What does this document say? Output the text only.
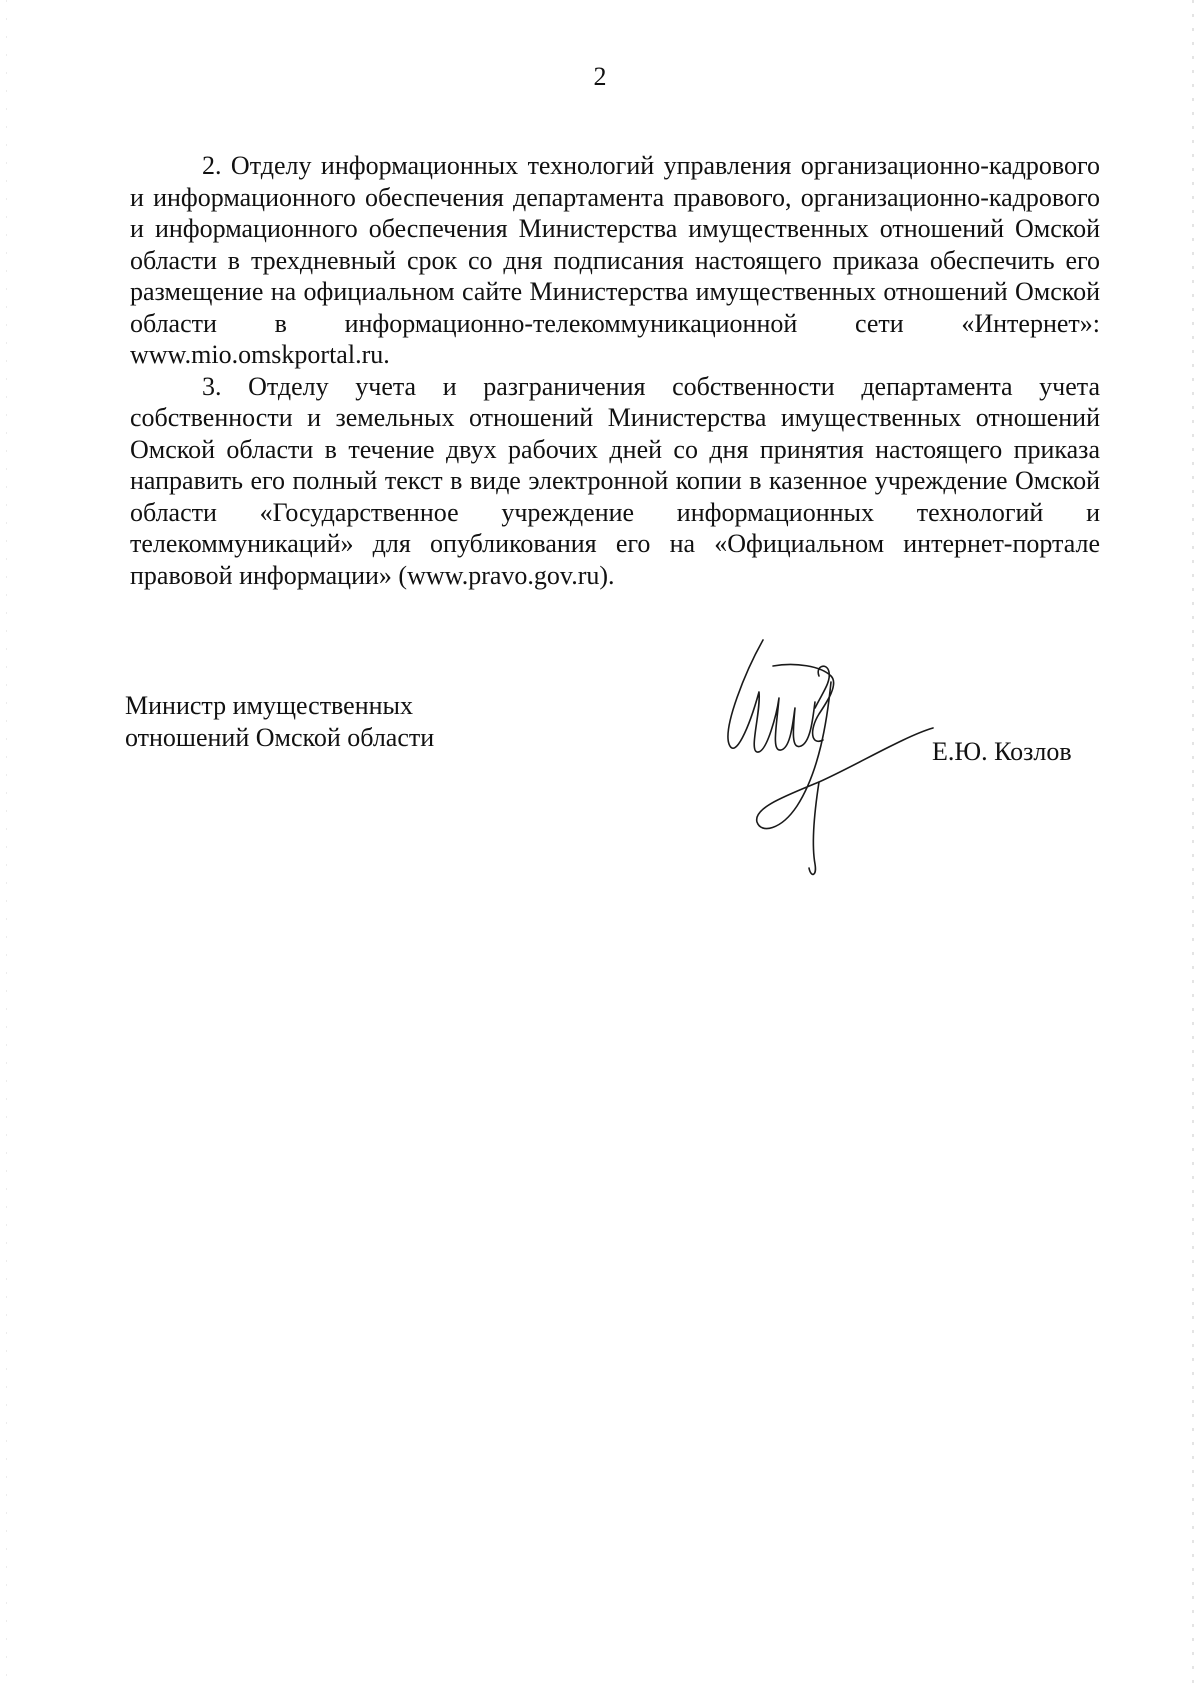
2

2. Отделу информационных технологий управления организационно-кадрового и информационного обеспечения департамента правового, организационно-кадрового и информационного обеспечения Министерства имущественных отношений Омской области в трехдневный срок со дня подписания настоящего приказа обеспечить его размещение на официальном сайте Министерства имущественных отношений Омской области в информационно-телекоммуникационной сети «Интернет»: www.mio.omskportal.ru.

3. Отделу учета и разграничения собственности департамента учета собственности и земельных отношений Министерства имущественных отношений Омской области в течение двух рабочих дней со дня принятия настоящего приказа направить его полный текст в виде электронной копии в казенное учреждение Омской области «Государственное учреждение информационных технологий и телекоммуникаций» для опубликования его на «Официальном интернет-портале правовой информации» (www.pravo.gov.ru).

Министр имущественных
отношений Омской области	Е.Ю. Козлов
